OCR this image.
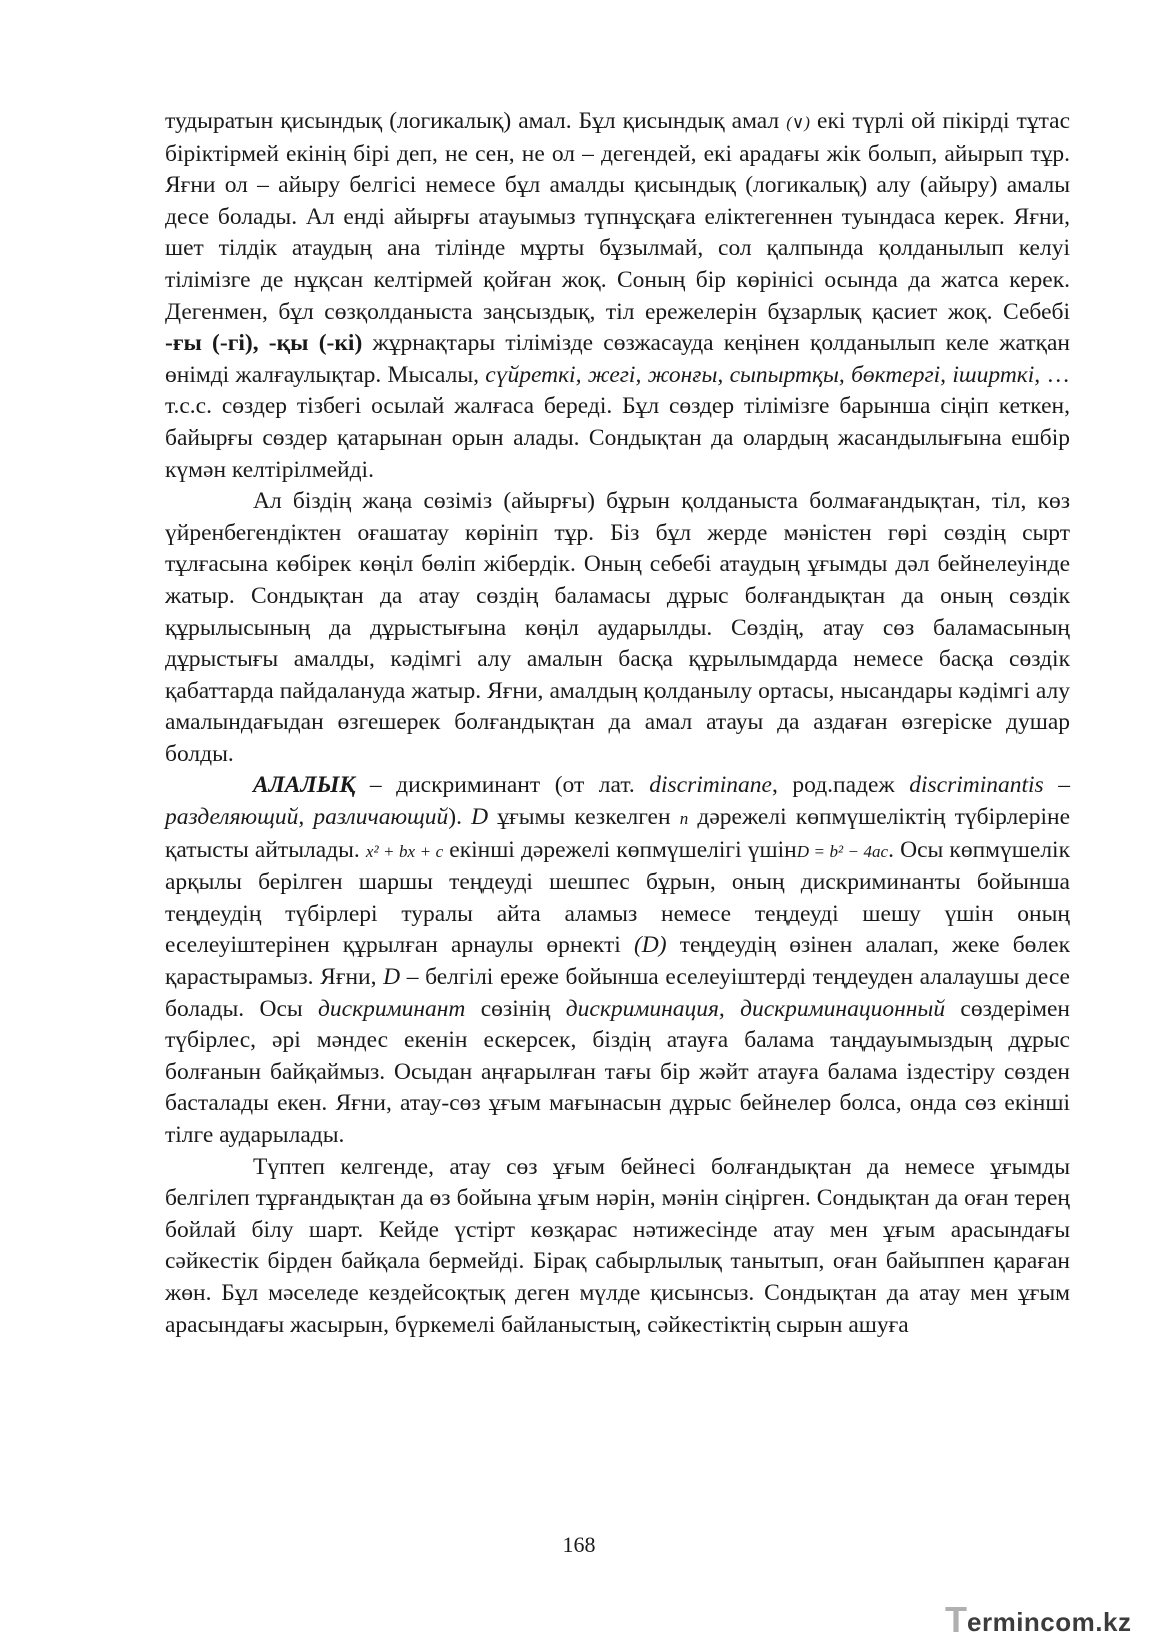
тудыратын қисындық (логикалық) амал. Бұл қисындық амал (∨) екі түрлі ой пікірді тұтас біріктірмей екінің бірі деп, не сен, не ол – дегендей, екі арадағы жік болып, айырып тұр. Яғни ол – айыру белгісі немесе бұл амалды қисындық (логикалық) алу (айыру) амалы десе болады. Ал енді айырғы атауымыз түпнұсқаға еліктегеннен туындаса керек. Яғни, шет тілдік атаудың ана тілінде мұрты бұзылмай, сол қалпында қолданылып келуі тілімізге де нұқсан келтірмей қойған жоқ. Соның бір көрінісі осында да жатса керек. Дегенмен, бұл сөзқолданыста заңсыздық, тіл ережелерін бұзарлық қасиет жоқ. Себебі -ғы (-гі), -қы (-кі) жұрнақтары тілімізде сөзжасауда кеңінен қолданылып келе жатқан өнімді жалғаулықтар. Мысалы, сүйреткі, жегі, жонғы, сыпыртқы, бөктергі, іширткі, … т.с.с. сөздер тізбегі осылай жалғаса береді. Бұл сөздер тілімізге барынша сіңіп кеткен, байырғы сөздер қатарынан орын алады. Сондықтан да олардың жасандылығына ешбір күмән келтірілмейді.

Ал біздің жаңа сөзіміз (айырғы) бұрын қолданыста болмағандықтан, тіл, көз үйренбегендіктен оғашатау көрініп тұр. Біз бұл жерде мәністен гөрі сөздің сырт тұлғасына көбірек көңіл бөліп жібердік. Оның себебі атаудың ұғымды дәл бейнелеуінде жатыр. Сондықтан да атау сөздің баламасы дұрыс болғандықтан да оның сөздік құрылысының да дұрыстығына көңіл аударылды. Сөздің, атау сөз баламасының дұрыстығы амалды, кәдімгі алу амалын басқа құрылымдарда немесе басқа сөздік қабаттарда пайдалануда жатыр. Яғни, амалдың қолданылу ортасы, нысандары кәдімгі алу амалындағыдан өзгешерек болғандықтан да амал атауы да аздаған өзгеріске душар болды.

АЛАЛЫҚ – дискриминант (от лат. discriminane, род.падеж discriminantis – разделяющий, различающий). D ұғымы кезкелген n дәрежелі көпмүшеліктің түбірлеріне қатысты айтылады. x² + bx + c екінші дәрежелі көпмүшелігі үшінD = b² − 4ac. Осы көпмүшелік арқылы берілген шаршы теңдеуді шешпес бұрын, оның дискриминанты бойынша теңдеудің түбірлері туралы айта аламыз немесе теңдеуді шешу үшін оның еселеуіштерінен құрылған арнаулы өрнекті (D) теңдеудің өзінен алалап, жеке бөлек қарастырамыз. Яғни, D – белгілі ереже бойынша еселеуіштерді теңдеуден алалаушы десе болады. Осы дискриминант сөзінің дискриминация, дискриминационный сөздерімен түбірлес, әрі мәндес екенін ескерсек, біздің атауға балама таңдауымыздың дұрыс болғанын байқаймыз. Осыдан аңғарылған тағы бір жәйт атауға балама іздестіру сөзден басталады екен. Яғни, атау-сөз ұғым мағынасын дұрыс бейнелер болса, онда сөз екінші тілге аударылады.

Түптеп келгенде, атау сөз ұғым бейнесі болғандықтан да немесе ұғымды белгілеп тұрғандықтан да өз бойына ұғым нәрін, мәнін сіңірген. Сондықтан да оған терең бойлай білу шарт. Кейде үстірт көзқарас нәтижесінде атау мен ұғым арасындағы сәйкестік бірден байқала бермейді. Бірақ сабырлылық танытып, оған байыппен қараған жөн. Бұл мәселеде кездейсоқтық деген мүлде қисынсыз. Сондықтан да атау мен ұғым арасындағы жасырын, бүркемелі байланыстың, сәйкестіктің сырын ашуға

168
T ermincom.kz
